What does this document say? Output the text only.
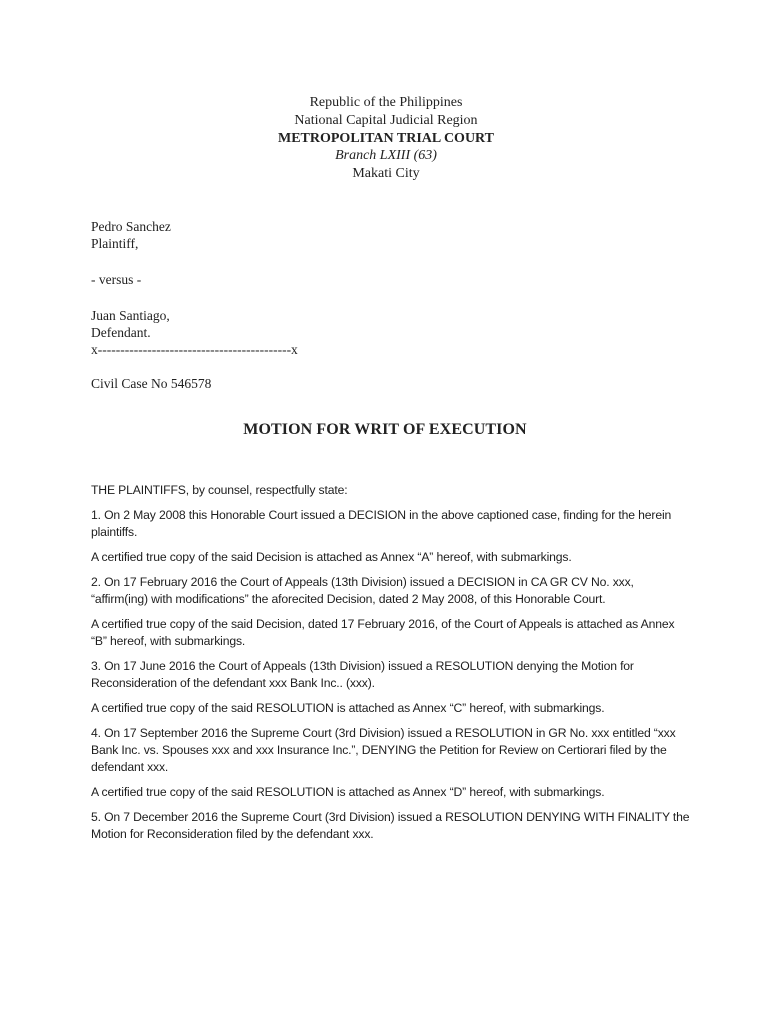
Republic of the Philippines
National Capital Judicial Region
METROPOLITAN TRIAL COURT
Branch LXIII (63)
Makati City
Pedro Sanchez
Plaintiff,
- versus -
Juan Santiago,
Defendant.
x-------------------------------------------x
Civil Case No 546578
MOTION FOR WRIT OF EXECUTION

THE PLAINTIFFS, by counsel, respectfully state:

1. On 2 May 2008 this Honorable Court issued a DECISION in the above captioned case, finding for the herein plaintiffs.

A certified true copy of the said Decision is attached as Annex “A” hereof, with submarkings.

2. On 17 February 2016 the Court of Appeals (13th Division) issued a DECISION in CA GR CV No. xxx, “affirm(ing) with modifications” the aforecited Decision, dated 2 May 2008, of this Honorable Court.

A certified true copy of the said Decision, dated 17 February 2016, of the Court of Appeals is attached as Annex “B” hereof, with submarkings.

3. On 17 June 2016 the Court of Appeals (13th Division) issued a RESOLUTION denying the Motion for Reconsideration of the defendant xxx Bank Inc.. (xxx).

A certified true copy of the said RESOLUTION is attached as Annex “C” hereof, with submarkings.

4. On 17 September 2016 the Supreme Court (3rd Division) issued a RESOLUTION in GR No. xxx entitled “xxx Bank Inc. vs. Spouses xxx and xxx Insurance Inc.”, DENYING the Petition for Review on Certiorari filed by the defendant xxx.

A certified true copy of the said RESOLUTION is attached as Annex “D” hereof, with submarkings.

5. On 7 December 2016 the Supreme Court (3rd Division) issued a RESOLUTION DENYING WITH FINALITY the Motion for Reconsideration filed by the defendant xxx.
